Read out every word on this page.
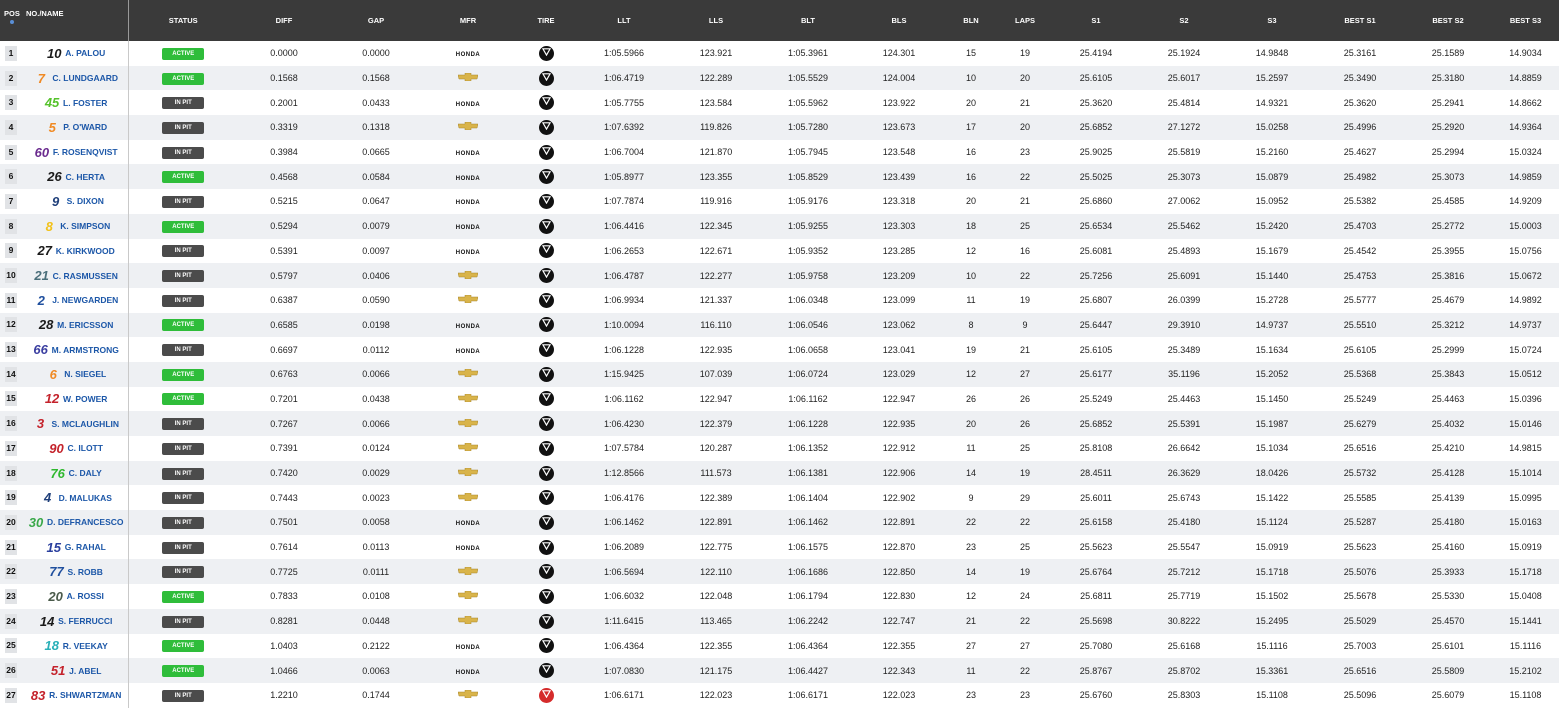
POS	NO./NAME	STATUS	DIFF	GAP	MFR	TIRE	LLT	LLS	BLT	BLS	BLN	LAPS	S1	S2	S3	BEST S1	BEST S2	BEST S3
1	10 A. PALOU	ACTIVE	0.0000	0.0000	HONDA		1:05.5966	123.921	1:05.3961	124.301	15	19	25.4194	25.1924	14.9848	25.3161	25.1589	14.9034
2	7 C. LUNDGAARD	ACTIVE	0.1568	0.1568			1:06.4719	122.289	1:05.5529	124.004	10	20	25.6105	25.6017	15.2597	25.3490	25.3180	14.8859
3	45 L. FOSTER	IN PIT	0.2001	0.0433	HONDA		1:05.7755	123.584	1:05.5962	123.922	20	21	25.3620	25.4814	14.9321	25.3620	25.2941	14.8662
4	5 P. O'WARD	IN PIT	0.3319	0.1318			1:07.6392	119.826	1:05.7280	123.673	17	20	25.6852	27.1272	15.0258	25.4996	25.2920	14.9364
5	60 F. ROSENQVIST	IN PIT	0.3984	0.0665	HONDA		1:06.7004	121.870	1:05.7945	123.548	16	23	25.9025	25.5819	15.2160	25.4627	25.2994	15.0324
6	26 C. HERTA	ACTIVE	0.4568	0.0584	HONDA		1:05.8977	123.355	1:05.8529	123.439	16	22	25.5025	25.3073	15.0879	25.4982	25.3073	14.9859
7	9 S. DIXON	IN PIT	0.5215	0.0647	HONDA		1:07.7874	119.916	1:05.9176	123.318	20	21	25.6860	27.0062	15.0952	25.5382	25.4585	14.9209
8	8 K. SIMPSON	ACTIVE	0.5294	0.0079	HONDA		1:06.4416	122.345	1:05.9255	123.303	18	25	25.6534	25.5462	15.2420	25.4703	25.2772	15.0003
9	27 K. KIRKWOOD	IN PIT	0.5391	0.0097	HONDA		1:06.2653	122.671	1:05.9352	123.285	12	16	25.6081	25.4893	15.1679	25.4542	25.3955	15.0756
10	21 C. RASMUSSEN	IN PIT	0.5797	0.0406			1:06.4787	122.277	1:05.9758	123.209	10	22	25.7256	25.6091	15.1440	25.4753	25.3816	15.0672
11	2 J. NEWGARDEN	IN PIT	0.6387	0.0590			1:06.9934	121.337	1:06.0348	123.099	11	19	25.6807	26.0399	15.2728	25.5777	25.4679	14.9892
12	28 M. ERICSSON	ACTIVE	0.6585	0.0198	HONDA		1:10.0094	116.110	1:06.0546	123.062	8	9	25.6447	29.3910	14.9737	25.5510	25.3212	14.9737
13	66 M. ARMSTRONG	IN PIT	0.6697	0.0112	HONDA		1:06.1228	122.935	1:06.0658	123.041	19	21	25.6105	25.3489	15.1634	25.6105	25.2999	15.0724
14	6 N. SIEGEL	ACTIVE	0.6763	0.0066			1:15.9425	107.039	1:06.0724	123.029	12	27	25.6177	35.1196	15.2052	25.5368	25.3843	15.0512
15	12 W. POWER	ACTIVE	0.7201	0.0438			1:06.1162	122.947	1:06.1162	122.947	26	26	25.5249	25.4463	15.1450	25.5249	25.4463	15.0396
16	3 S. MCLAUGHLIN	IN PIT	0.7267	0.0066			1:06.4230	122.379	1:06.1228	122.935	20	26	25.6852	25.5391	15.1987	25.6279	25.4032	15.0146
17	90 C. ILOTT	IN PIT	0.7391	0.0124			1:07.5784	120.287	1:06.1352	122.912	11	25	25.8108	26.6642	15.1034	25.6516	25.4210	14.9815
18	76 C. DALY	IN PIT	0.7420	0.0029			1:12.8566	111.573	1:06.1381	122.906	14	19	28.4511	26.3629	18.0426	25.5732	25.4128	15.1014
19	4 D. MALUKAS	IN PIT	0.7443	0.0023			1:06.4176	122.389	1:06.1404	122.902	9	29	25.6011	25.6743	15.1422	25.5585	25.4139	15.0995
20	30 D. DEFRANCESCO	IN PIT	0.7501	0.0058	HONDA		1:06.1462	122.891	1:06.1462	122.891	22	22	25.6158	25.4180	15.1124	25.5287	25.4180	15.0163
21	15 G. RAHAL	IN PIT	0.7614	0.0113	HONDA		1:06.2089	122.775	1:06.1575	122.870	23	25	25.5623	25.5547	15.0919	25.5623	25.4160	15.0919
22	77 S. ROBB	IN PIT	0.7725	0.0111			1:06.5694	122.110	1:06.1686	122.850	14	19	25.6764	25.7212	15.1718	25.5076	25.3933	15.1718
23	20 A. ROSSI	ACTIVE	0.7833	0.0108			1:06.6032	122.048	1:06.1794	122.830	12	24	25.6811	25.7719	15.1502	25.5678	25.5330	15.0408
24	14 S. FERRUCCI	IN PIT	0.8281	0.0448			1:11.6415	113.465	1:06.2242	122.747	21	22	25.5698	30.8222	15.2495	25.5029	25.4570	15.1441
25	18 R. VEEKAY	ACTIVE	1.0403	0.2122	HONDA		1:06.4364	122.355	1:06.4364	122.355	27	27	25.7080	25.6168	15.1116	25.7003	25.6101	15.1116
26	51 J. ABEL	ACTIVE	1.0466	0.0063	HONDA		1:07.0830	121.175	1:06.4427	122.343	11	22	25.8767	25.8702	15.3361	25.6516	25.5809	15.2102
27	83 R. SHWARTZMAN	IN PIT	1.2210	0.1744			1:06.6171	122.023	1:06.6171	122.023	23	23	25.6760	25.8303	15.1108	25.5096	25.6079	15.1108
